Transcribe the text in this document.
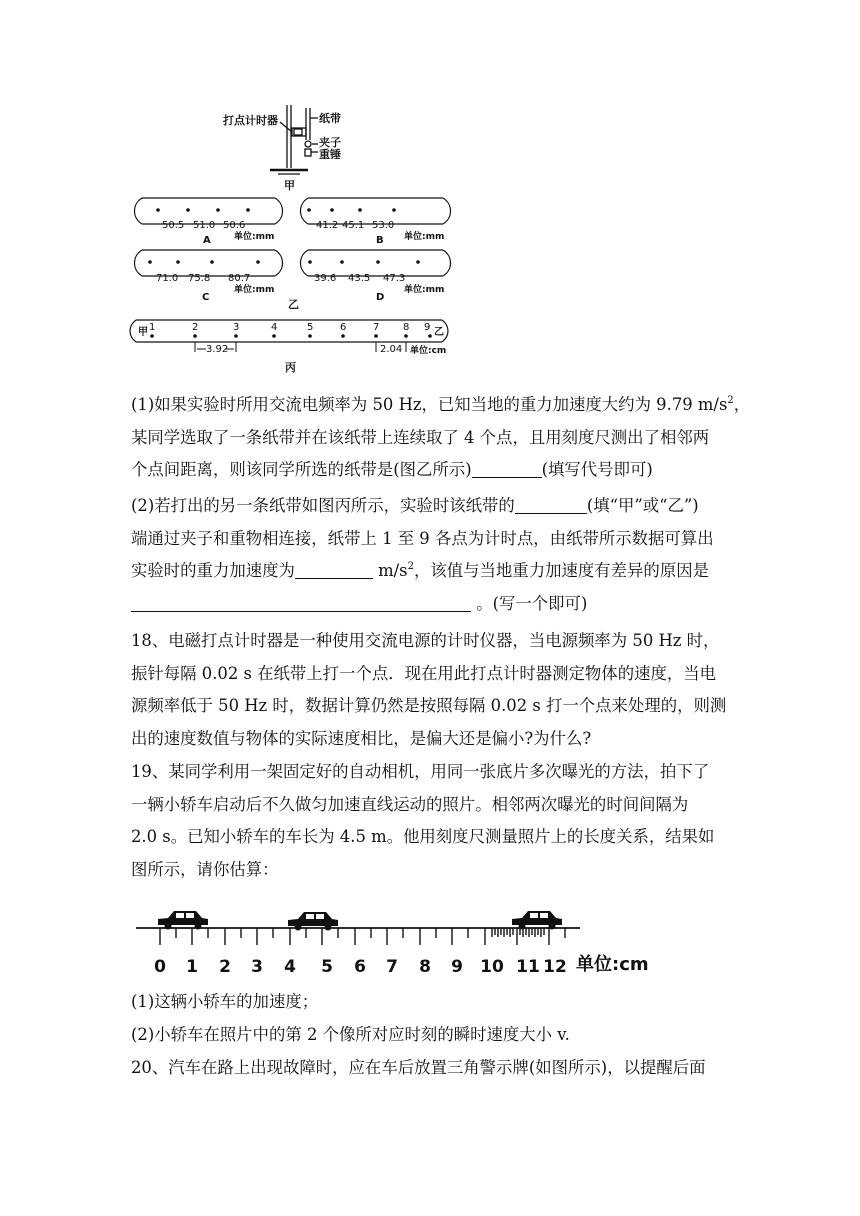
打点计时器	纸带
夹子
重锤
甲
50.5 51.0 50.6
A	单位:mm
41.2 45.1 53.0
B 单位:mm
71.0 75.8 80.7
C
单位:mm
39.6 43.5 47.3
D
单位:mm
乙
甲	乙
1	2	3	4	5	6	7 8 9
3.92	2.04 单位:cm
丙

(1)如果实验时所用交流电频率为 50 Hz，已知当地的重力加速度大约为 9.79 $m/s^2$，

某同学选取了一条纸带并在该纸带上连续取了 4 个点，且用刻度尺测出了相邻两

个点间距离，则该同学所选的纸带是(图乙所示)	(填写代号即可)

(2)若打出的另一条纸带如图丙所示，实验时该纸带的	(填“甲”或“乙”)

端通过夹子和重物相连接，纸带上 1 至 9 各点为计时点，由纸带所示数据可算出

实验时的重力加速度为	$m/s^2$，该值与当地重力加速度有差异的原因是

。(写一个即可)

18、电磁打点计时器是一种使用交流电源的计时仪器，当电源频率为 50 Hz 时，

振针每隔 0.02 s 在纸带上打一个点．现在用此打点计时器测定物体的速度，当电

源频率低于 50 Hz 时，数据计算仍然是按照每隔 0.02 s 打一个点来处理的，则测

出的速度数值与物体的实际速度相比，是偏大还是偏小?为什么?

19、某同学利用一架固定好的自动相机，用同一张底片多次曝光的方法，拍下了

一辆小轿车启动后不久做匀加速直线运动的照片。相邻两次曝光的时间间隔为

2.0 s。已知小轿车的车长为 4.5 m。他用刻度尺测量照片上的长度关系，结果如

图所示，请你估算：

0 1 2 3 4 5 6 7 8 9 10 11 12 单位:cm

(1)这辆小轿车的加速度；

(2)小轿车在照片中的第 2 个像所对应时刻的瞬时速度大小 v.

20、汽车在路上出现故障时，应在车后放置三角警示牌(如图所示)，以提醒后面
